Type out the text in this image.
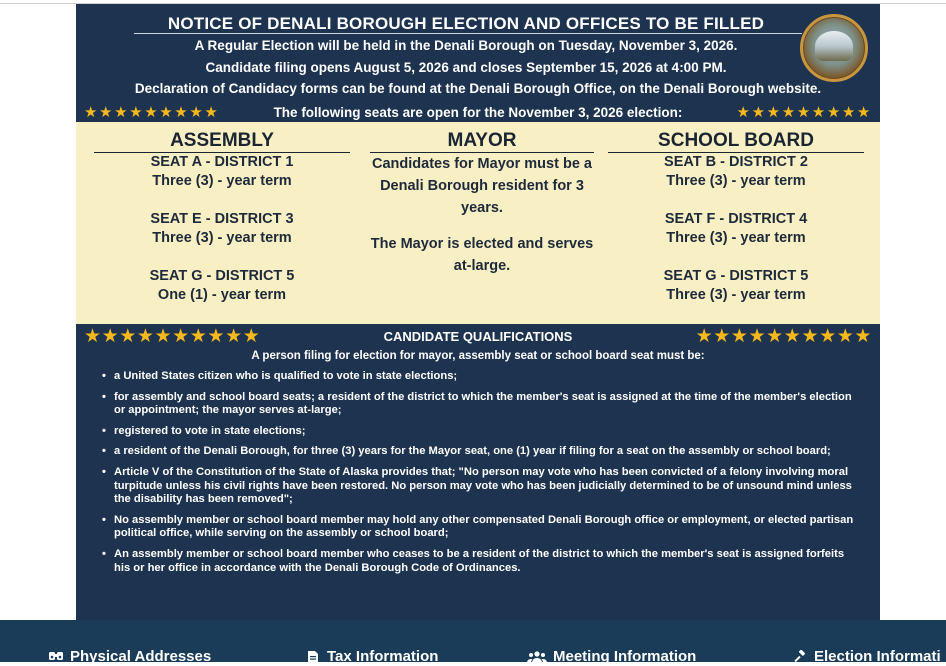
NOTICE OF DENALI BOROUGH ELECTION AND OFFICES TO BE FILLED
A Regular Election will be held in the Denali Borough on Tuesday, November 3, 2026.
Candidate filing opens August 5, 2026 and closes September 15, 2026 at 4:00 PM.
Declaration of Candidacy forms can be found at the Denali Borough Office, on the Denali Borough website.
★★★★★★★★★	The following seats are open for the November 3, 2026 election:	★★★★★★★★★
ASSEMBLY
SEAT A - DISTRICT 1
Three (3) - year term
SEAT E - DISTRICT 3
Three (3) - year term
SEAT G - DISTRICT 5
One (1) - year term
MAYOR
Candidates for Mayor must be a Denali Borough resident for 3 years.
The Mayor is elected and serves at-large.
SCHOOL BOARD
SEAT B - DISTRICT 2
Three (3) - year term
SEAT F - DISTRICT 4
Three (3) - year term
SEAT G - DISTRICT 5
Three (3) - year term
★★★★★★★★★★	CANDIDATE QUALIFICATIONS	★★★★★★★★★★
A person filing for election for mayor, assembly seat or school board seat must be:
• a United States citizen who is qualified to vote in state elections;
• for assembly and school board seats; a resident of the district to which the member's seat is assigned at the time of the member's election or appointment; the mayor serves at-large;
• registered to vote in state elections;
• a resident of the Denali Borough, for three (3) years for the Mayor seat, one (1) year if filing for a seat on the assembly or school board;
• Article V of the Constitution of the State of Alaska provides that; "No person may vote who has been convicted of a felony involving moral turpitude unless his civil rights have been restored. No person may vote who has been judicially determined to be of unsound mind unless the disability has been removed";
• No assembly member or school board member may hold any other compensated Denali Borough office or employment, or elected partisan political office, while serving on the assembly or school board;
• An assembly member or school board member who ceases to be a resident of the district to which the member's seat is assigned forfeits his or her office in accordance with the Denali Borough Code of Ordinances.
Physical Addresses	Tax Information	Meeting Information	Election Informati
